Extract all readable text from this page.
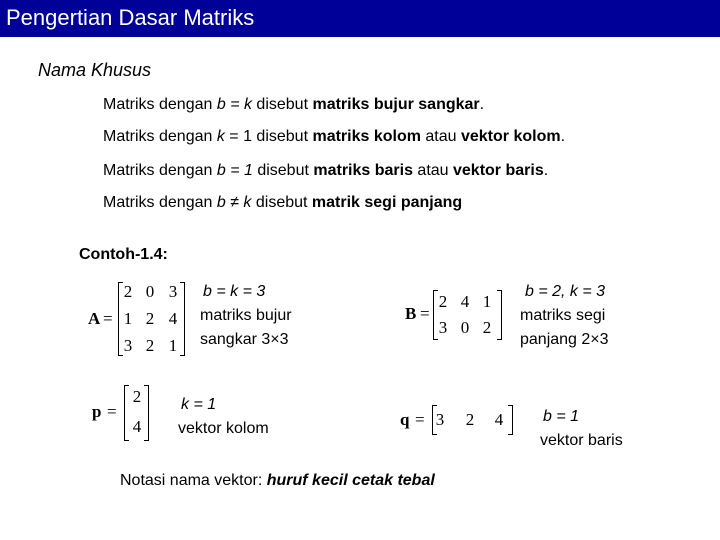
Pengertian Dasar Matriks
Nama Khusus
Matriks dengan b = k disebut matriks bujur sangkar.
Matriks dengan k = 1 disebut matriks kolom atau vektor kolom.
Matriks dengan b = 1 disebut matriks baris atau vektor baris.
Matriks dengan b ≠ k disebut matrik segi panjang
Contoh-1.4:
A =
2 0 3
1 2 4
3 2 1
b = k = 3
matriks bujur
sangkar 3×3
B =
2 4 1
3 0 2
b = 2, k = 3
matriks segi
panjang 2×3
p =
2
4
k = 1
vektor kolom	q = 3	2	4	b = 1
vektor baris
Notasi nama vektor: huruf kecil cetak tebal
